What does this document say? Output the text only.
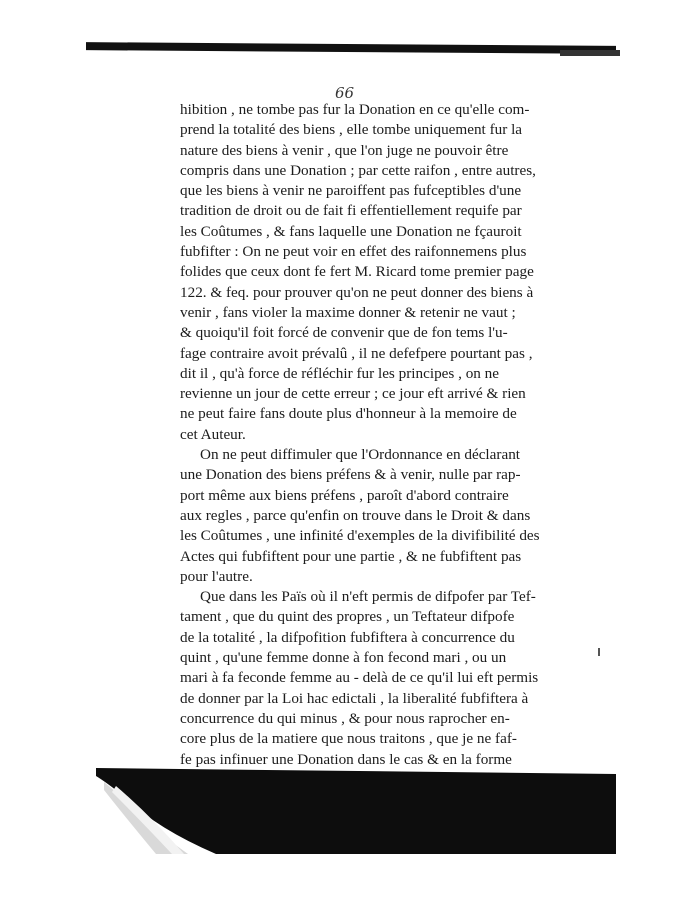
66
hibition , ne tombe pas fur la Donation en ce qu'elle com-
prend la totalité des biens , elle tombe uniquement fur la
nature des biens à venir , que l'on juge ne pouvoir être
compris dans une Donation ; par cette raifon , entre autres,
que les biens à venir ne paroiffent pas fufceptibles d'une
tradition de droit ou de fait fi effentiellement requife par
les Coûtumes , & fans laquelle une Donation ne fçauroit
fubfifter : On ne peut voir en effet des raifonnemens plus
folides que ceux dont fe fert M. Ricard tome premier page
122. & feq. pour prouver qu'on ne peut donner des biens à
venir , fans violer la maxime donner & retenir ne vaut ;
& quoiqu'il foit forcé de convenir que de fon tems l'u-
fage contraire avoit prévalû , il ne defefpere pourtant pas ,
dit il , qu'à force de réfléchir fur les principes , on ne
revienne un jour de cette erreur ; ce jour eft arrivé & rien
ne peut faire fans doute plus d'honneur à la memoire de
cet Auteur.
On ne peut diffimuler que l'Ordonnance en déclarant
une Donation des biens préfens & à venir, nulle par rap-
port même aux biens préfens , paroît d'abord contraire
aux regles , parce qu'enfin on trouve dans le Droit & dans
les Coûtumes , une infinité d'exemples de la divifibilité des
Actes qui fubfiftent pour une partie , & ne fubfiftent pas
pour l'autre.
Que dans les Païs où il n'eft permis de difpofer par Tef-
tament , que du quint des propres , un Teftateur difpofe
de la totalité , la difpofition fubfiftera à concurrence du
quint , qu'une femme donne à fon fecond mari , ou un
mari à fa feconde femme au - delà de ce qu'il lui eft permis
de donner par la Loi hac edictali , la liberalité fubfiftera à
concurrence du qui minus , & pour nous raprocher en-
core plus de la matiere que nous traitons , que je ne faf-
fe pas infinuer une Donation dans le cas & en la forme
